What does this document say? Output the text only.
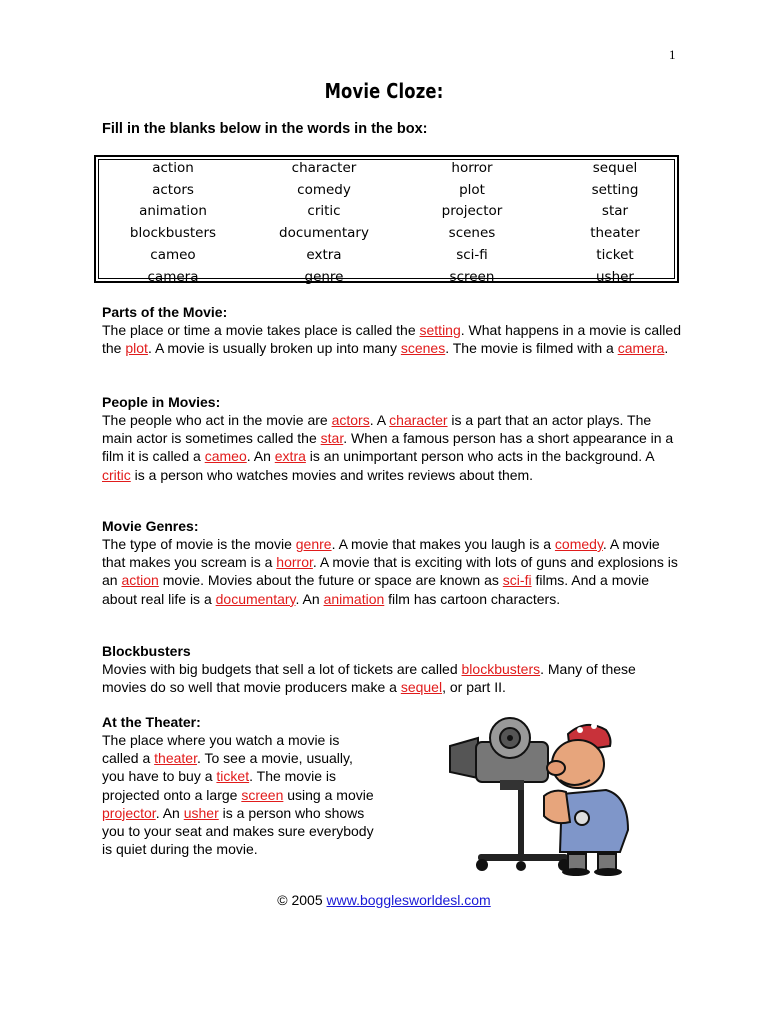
1
Movie Cloze:
Fill in the blanks below in the words in the box:
action
actors
animation
blockbusters
cameo
camera
character
comedy
critic
documentary
extra
genre
horror
plot
projector
scenes
sci-fi
screen
sequel
setting
star
theater
ticket
usher
Parts of the Movie:
The place or time a movie takes place is called the setting. What happens in a movie is called the plot. A movie is usually broken up into many scenes. The movie is filmed with a camera.
People in Movies:
The people who act in the movie are actors. A character is a part that an actor plays. The main actor is sometimes called the star. When a famous person has a short appearance in a film it is called a cameo. An extra is an unimportant person who acts in the background. A critic is a person who watches movies and writes reviews about them.
Movie Genres:
The type of movie is the movie genre. A movie that makes you laugh is a comedy. A movie that makes you scream is a horror. A movie that is exciting with lots of guns and explosions is an action movie. Movies about the future or space are known as sci-fi films. And a movie about real life is a documentary. An animation film has cartoon characters.
Blockbusters
Movies with big budgets that sell a lot of tickets are called blockbusters. Many of these movies do so well that movie producers make a sequel, or part II.
At the Theater:
The place where you watch a movie is called a theater. To see a movie, usually, you have to buy a ticket. The movie is projected onto a large screen using a movie projector. An usher is a person who shows you to your seat and makes sure everybody is quiet during the movie.
© 2005 www.bogglesworldesl.com
